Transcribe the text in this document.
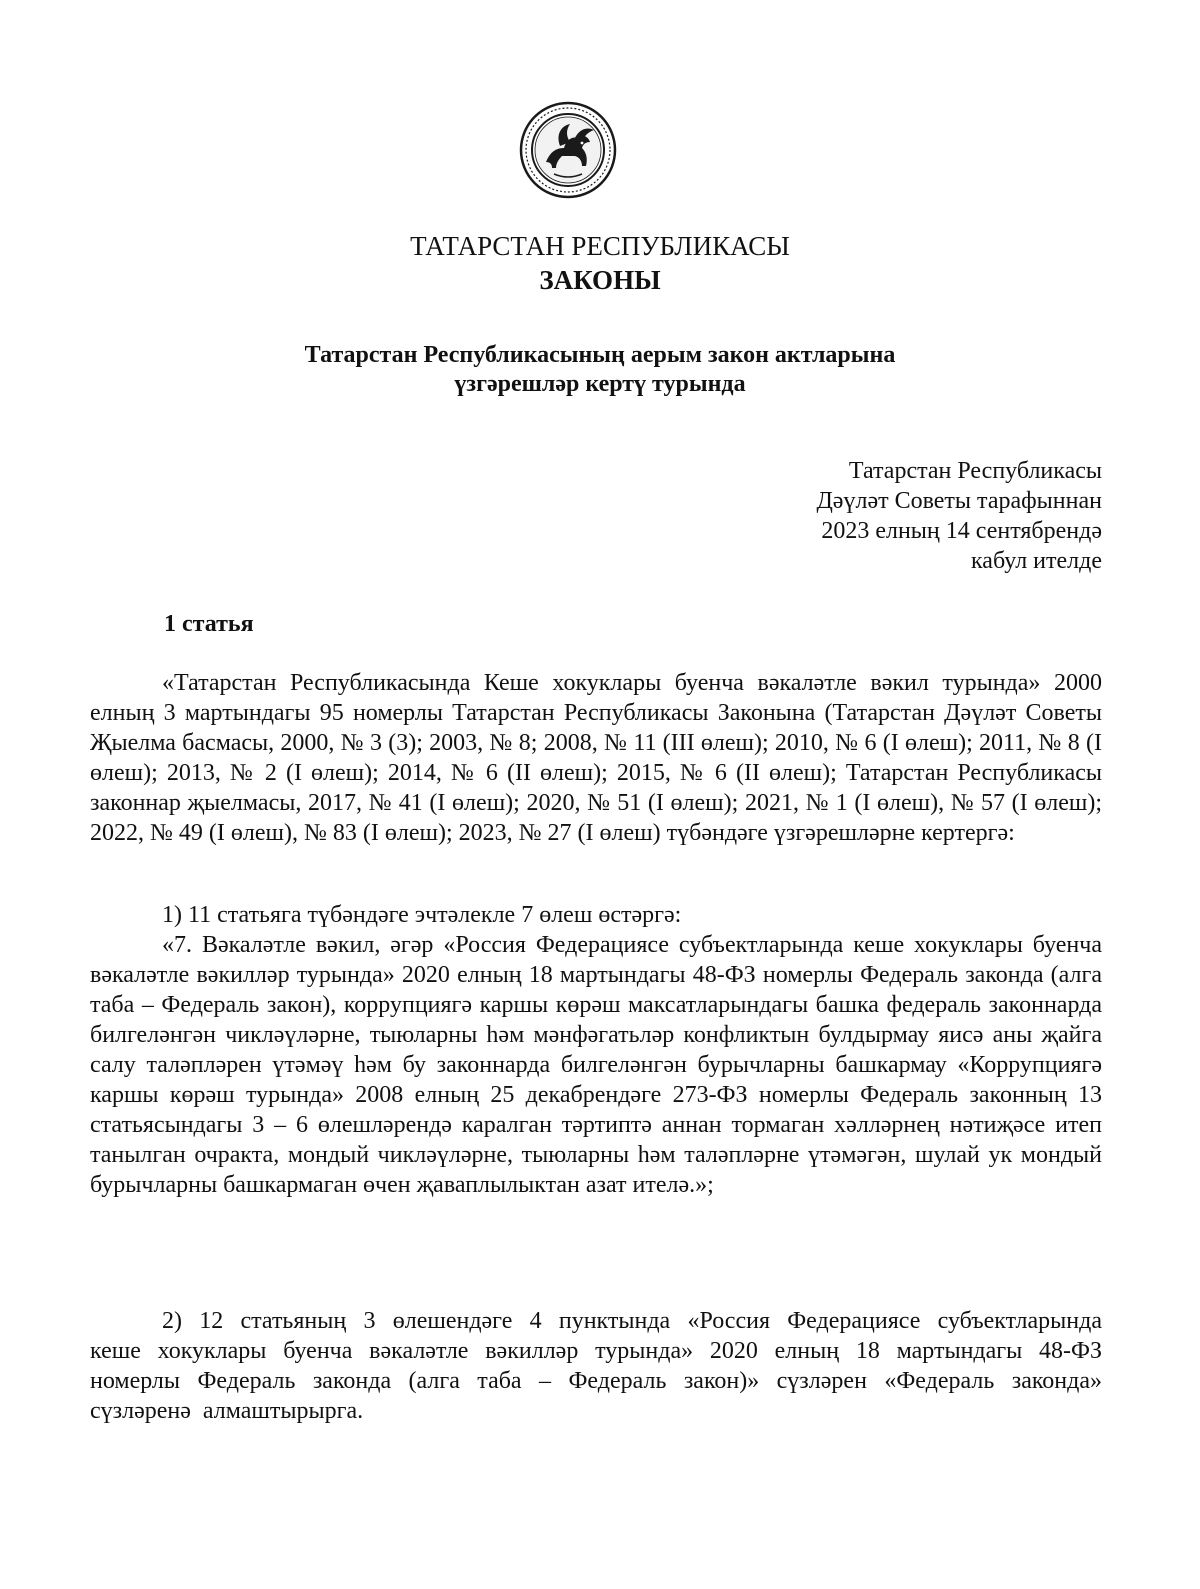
ТАТАРСТАН РЕСПУБЛИКАСЫ
ЗАКОНЫ
Татарстан Республикасының аерым закон актларына
үзгәрешләр кертү турында
Татарстан Республикасы
Дәүләт Советы тарафыннан
2023 елның 14 сентябрендә
кабул ителде
1 статья
«Татарстан Республикасында Кеше хокуклары буенча вәкаләтле вәкил турында» 2000 елның 3 мартындагы 95 номерлы Татарстан Республикасы Законына (Татарстан Дәүләт Советы Җыелма басмасы, 2000, № 3 (3); 2003, № 8; 2008, № 11 (III өлеш); 2010, № 6 (I өлеш); 2011, № 8 (I өлеш); 2013, № 2 (I өлеш); 2014, № 6 (II өлеш); 2015, № 6 (II өлеш); Татарстан Республикасы законнар җыелмасы, 2017, № 41 (I өлеш); 2020, № 51 (I өлеш); 2021, № 1 (I өлеш), № 57 (I өлеш); 2022, № 49 (I өлеш), № 83 (I өлеш); 2023, № 27 (I өлеш) түбәндәге үзгәрешләрне кертергә:
1) 11 статьяга түбәндәге эчтәлекле 7 өлеш өстәргә:
«7. Вәкаләтле вәкил, әгәр «Россия Федерациясе субъектларында кеше хокуклары буенча вәкаләтле вәкилләр турында» 2020 елның 18 мартындагы 48-ФЗ номерлы Федераль законда (алга таба – Федераль закон), коррупциягә каршы көрәш максатларындагы башка федераль законнарда билгеләнгән чикләүләрне, тыюларны һәм мәнфәгатьләр конфликтын булдырмау яисә аны җайга салу таләпләрен үтәмәү һәм бу законнарда билгеләнгән бурычларны башкармау «Коррупциягә каршы көрәш турында» 2008 елның 25 декабрендәге 273-ФЗ номерлы Федераль законның 13 статьясындагы 3 – 6 өлешләрендә каралган тәртиптә аннан тормаган хәлләрнең нәтиҗәсе итеп танылган очракта, мондый чикләүләрне, тыюларны һәм таләпләрне үтәмәгән, шулай ук мондый бурычларны башкармаган өчен җаваплылыктан азат ителә.»;
2) 12 статьяның 3 өлешендәге 4 пунктында «Россия Федерациясе субъектларында кеше хокуклары буенча вәкаләтле вәкилләр турында» 2020 елның 18 мартындагы 48-ФЗ номерлы Федераль законда (алга таба – Федераль закон)» сүзләрен «Федераль законда» сүзләренә алмаштырырга.
